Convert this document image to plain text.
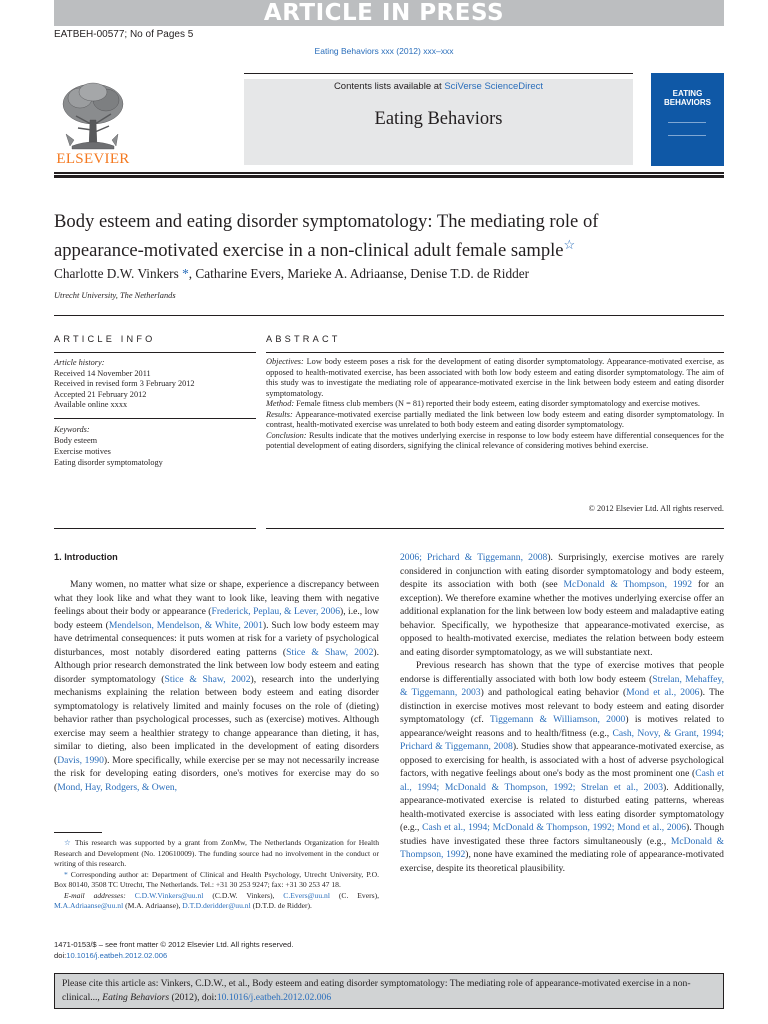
ARTICLE IN PRESS
EATBEH-00577; No of Pages 5
Eating Behaviors xxx (2012) xxx–xxx
Contents lists available at SciVerse ScienceDirect
Eating Behaviors
ELSEVIER
EATING
BEHAVIORS
Body esteem and eating disorder symptomatology: The mediating role of
appearance-motivated exercise in a non-clinical adult female sample☆
Charlotte D.W. Vinkers *, Catharine Evers, Marieke A. Adriaanse, Denise T.D. de Ridder
Utrecht University, The Netherlands
ARTICLE INFO
Article history:
Received 14 November 2011
Received in revised form 3 February 2012
Accepted 21 February 2012
Available online xxxx
Keywords:
Body esteem
Exercise motives
Eating disorder symptomatology
ABSTRACT
Objectives: Low body esteem poses a risk for the development of eating disorder symptomatology. Appearance-motivated exercise, as opposed to health-motivated exercise, has been associated with both low body esteem and eating disorder symptomatology. The aim of this study was to investigate the mediating role of appearance-motivated exercise in the link between body esteem and eating disorder symptomatology.
Method: Female fitness club members (N = 81) reported their body esteem, eating disorder symptomatology and exercise motives.
Results: Appearance-motivated exercise partially mediated the link between low body esteem and eating disorder symptomatology. In contrast, health-motivated exercise was unrelated to both body esteem and eating disorder symptomatology.
Conclusion: Results indicate that the motives underlying exercise in response to low body esteem have differential consequences for the potential development of eating disorders, signifying the clinical relevance of considering motives behind exercise.
© 2012 Elsevier Ltd. All rights reserved.
1. Introduction

Many women, no matter what size or shape, experience a discrepancy between what they look like and what they want to look like, leaving them with negative feelings about their body or appearance (Frederick, Peplau, & Lever, 2006), i.e., low body esteem (Mendelson, Mendelson, & White, 2001). Such low body esteem may have detrimental consequences: it puts women at risk for a variety of psychological disturbances, most notably disordered eating patterns (Stice & Shaw, 2002). Although prior research demonstrated the link between low body esteem and eating disorder symptomatology (Stice & Shaw, 2002), research into the underlying mechanisms explaining the relation between body esteem and eating disorder symptomatology is relatively limited and mainly focuses on the role of (dieting) behavior rather than psychological processes, such as (exercise) motives. Although exercise may seem a healthier strategy to change appearance than dieting, it has, similar to dieting, also been implicated in the development of eating disorders (Davis, 1990). More specifically, while exercise per se may not necessarily increase the risk for developing eating disorders, one's motives for exercise may do so (Mond, Hay, Rodgers, & Owen,

2006; Prichard & Tiggemann, 2008). Surprisingly, exercise motives are rarely considered in conjunction with eating disorder symptomatology and body esteem, despite its association with both (see McDonald & Thompson, 1992 for an exception). We therefore examine whether the motives underlying exercise offer an additional explanation for the link between low body esteem and maladaptive eating behavior. Specifically, we hypothesize that appearance-motivated exercise, as opposed to health-motivated exercise, mediates the relation between body esteem and eating disorder symptomatology, as we will substantiate next.

Previous research has shown that the type of exercise motives that people endorse is differentially associated with both low body esteem (Strelan, Mehaffey, & Tiggemann, 2003) and pathological eating behavior (Mond et al., 2006). The distinction in exercise motives most relevant to body esteem and eating disorder symptomatology (cf. Tiggemann & Williamson, 2000) is motives related to appearance/weight reasons and to health/fitness (e.g., Cash, Novy, & Grant, 1994; Prichard & Tiggemann, 2008). Studies show that appearance-motivated exercise, as opposed to exercising for health, is associated with a host of adverse psychological factors, with negative feelings about one's body as the most prominent one (Cash et al., 1994; McDonald & Thompson, 1992; Strelan et al., 2003). Additionally, appearance-motivated exercise is related to disturbed eating patterns, whereas health-motivated exercise is associated with less eating disorder symptomatology (e.g., Cash et al., 1994; McDonald & Thompson, 1992; Mond et al., 2006). Though studies have investigated these three factors simultaneously (e.g., McDonald & Thompson, 1992), none have examined the mediating role of appearance-motivated exercise, despite its theoretical plausibility.

☆ This research was supported by a grant from ZonMw, The Netherlands Organization for Health Research and Development (No. 120610009). The funding source had no involvement in the conduct or writing of this research.

* Corresponding author at: Department of Clinical and Health Psychology, Utrecht University, P.O. Box 80140, 3508 TC Utrecht, The Netherlands. Tel.: +31 30 253 9247; fax: +31 30 253 47 18.

E-mail addresses: C.D.W.Vinkers@uu.nl (C.D.W. Vinkers), C.Evers@uu.nl (C. Evers), M.A.Adriaanse@uu.nl (M.A. Adriaanse), D.T.D.deridder@uu.nl (D.T.D. de Ridder).

1471-0153/$ – see front matter © 2012 Elsevier Ltd. All rights reserved.
doi:10.1016/j.eatbeh.2012.02.006
Please cite this article as: Vinkers, C.D.W., et al., Body esteem and eating disorder symptomatology: The mediating role of appearance-motivated exercise in a non-clinical..., Eating Behaviors (2012), doi:10.1016/j.eatbeh.2012.02.006
